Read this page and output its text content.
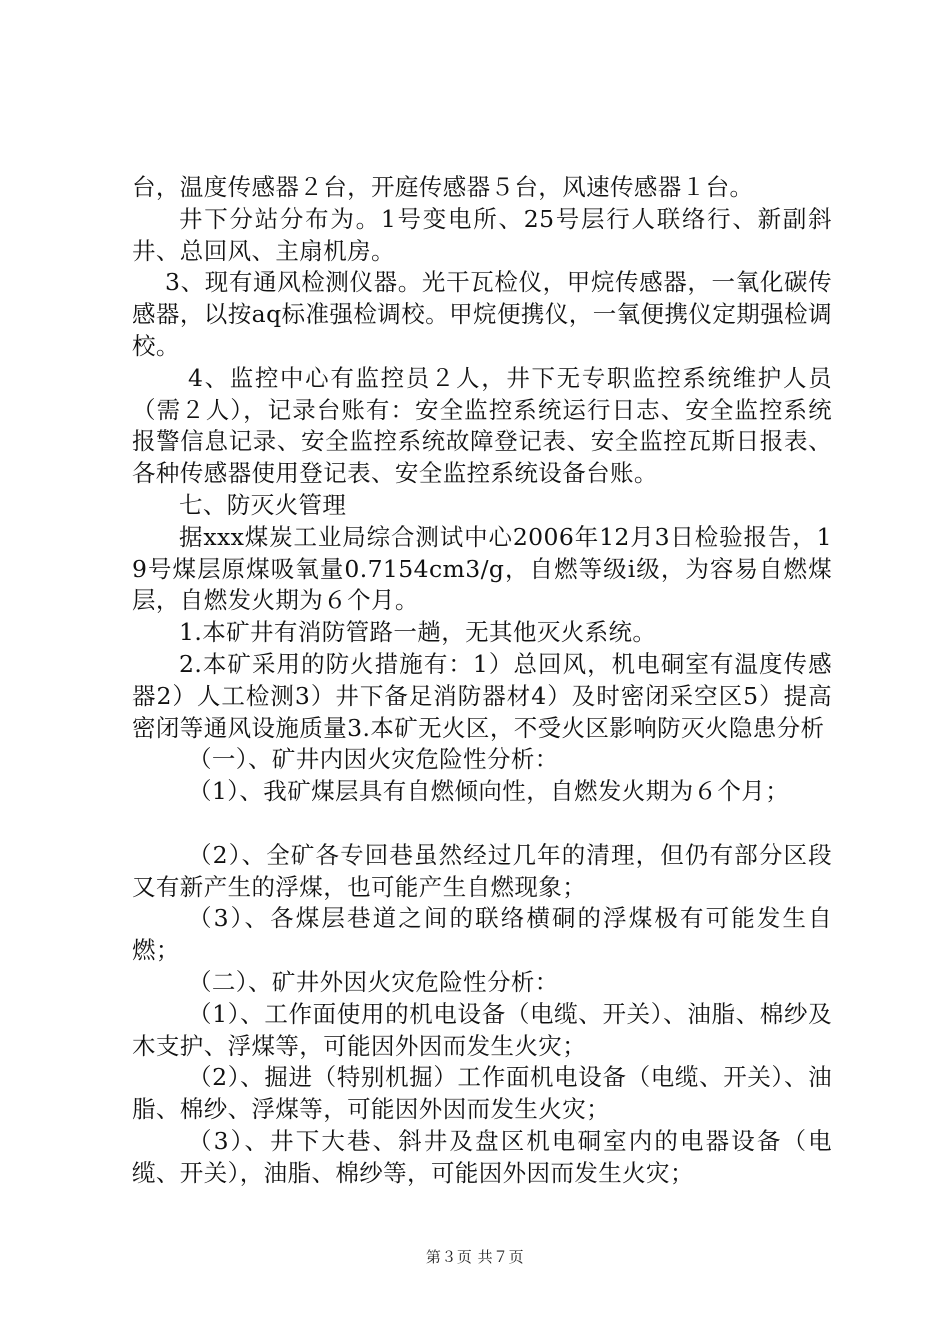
台，温度传感器２台，开庭传感器５台，风速传感器１台。

井下分站分布为。1号变电所、25号层行人联络行、新副斜井、总回风、主扇机房。

3、现有通风检测仪器。光干瓦检仪，甲烷传感器，一氧化碳传感器，以按aq标准强检调校。甲烷便携仪，一氧便携仪定期强检调校。

4、监控中心有监控员２人，井下无专职监控系统维护人员（需２人），记录台账有：安全监控系统运行日志、安全监控系统报警信息记录、安全监控系统故障登记表、安全监控瓦斯日报表、各种传感器使用登记表、安全监控系统设备台账。

七、防灭火管理

据xxx煤炭工业局综合测试中心2006年12月3日检验报告，19号煤层原煤吸氧量0.7154cm3/g，自燃等级ⅰ级，为容易自燃煤层，自燃发火期为６个月。

1.本矿井有消防管路一趟，无其他灭火系统。

2.本矿采用的防火措施有：1）总回风，机电硐室有温度传感器2）人工检测3）井下备足消防器材4）及时密闭采空区5）提高密闭等通风设施质量3.本矿无火区，不受火区影响防灭火隐患分析

（一）、矿井内因火灾危险性分析：

（1）、我矿煤层具有自燃倾向性，自燃发火期为６个月；

（2）、全矿各专回巷虽然经过几年的清理，但仍有部分区段又有新产生的浮煤，也可能产生自燃现象；

（3）、各煤层巷道之间的联络横硐的浮煤极有可能发生自燃；

（二）、矿井外因火灾危险性分析：

（1）、工作面使用的机电设备（电缆、开关）、油脂、棉纱及木支护、浮煤等，可能因外因而发生火灾；

（2）、掘进（特别机掘）工作面机电设备（电缆、开关）、油脂、棉纱、浮煤等，可能因外因而发生火灾；

（3）、井下大巷、斜井及盘区机电硐室内的电器设备（电缆、开关），油脂、棉纱等，可能因外因而发生火灾；

第３页 共７页
